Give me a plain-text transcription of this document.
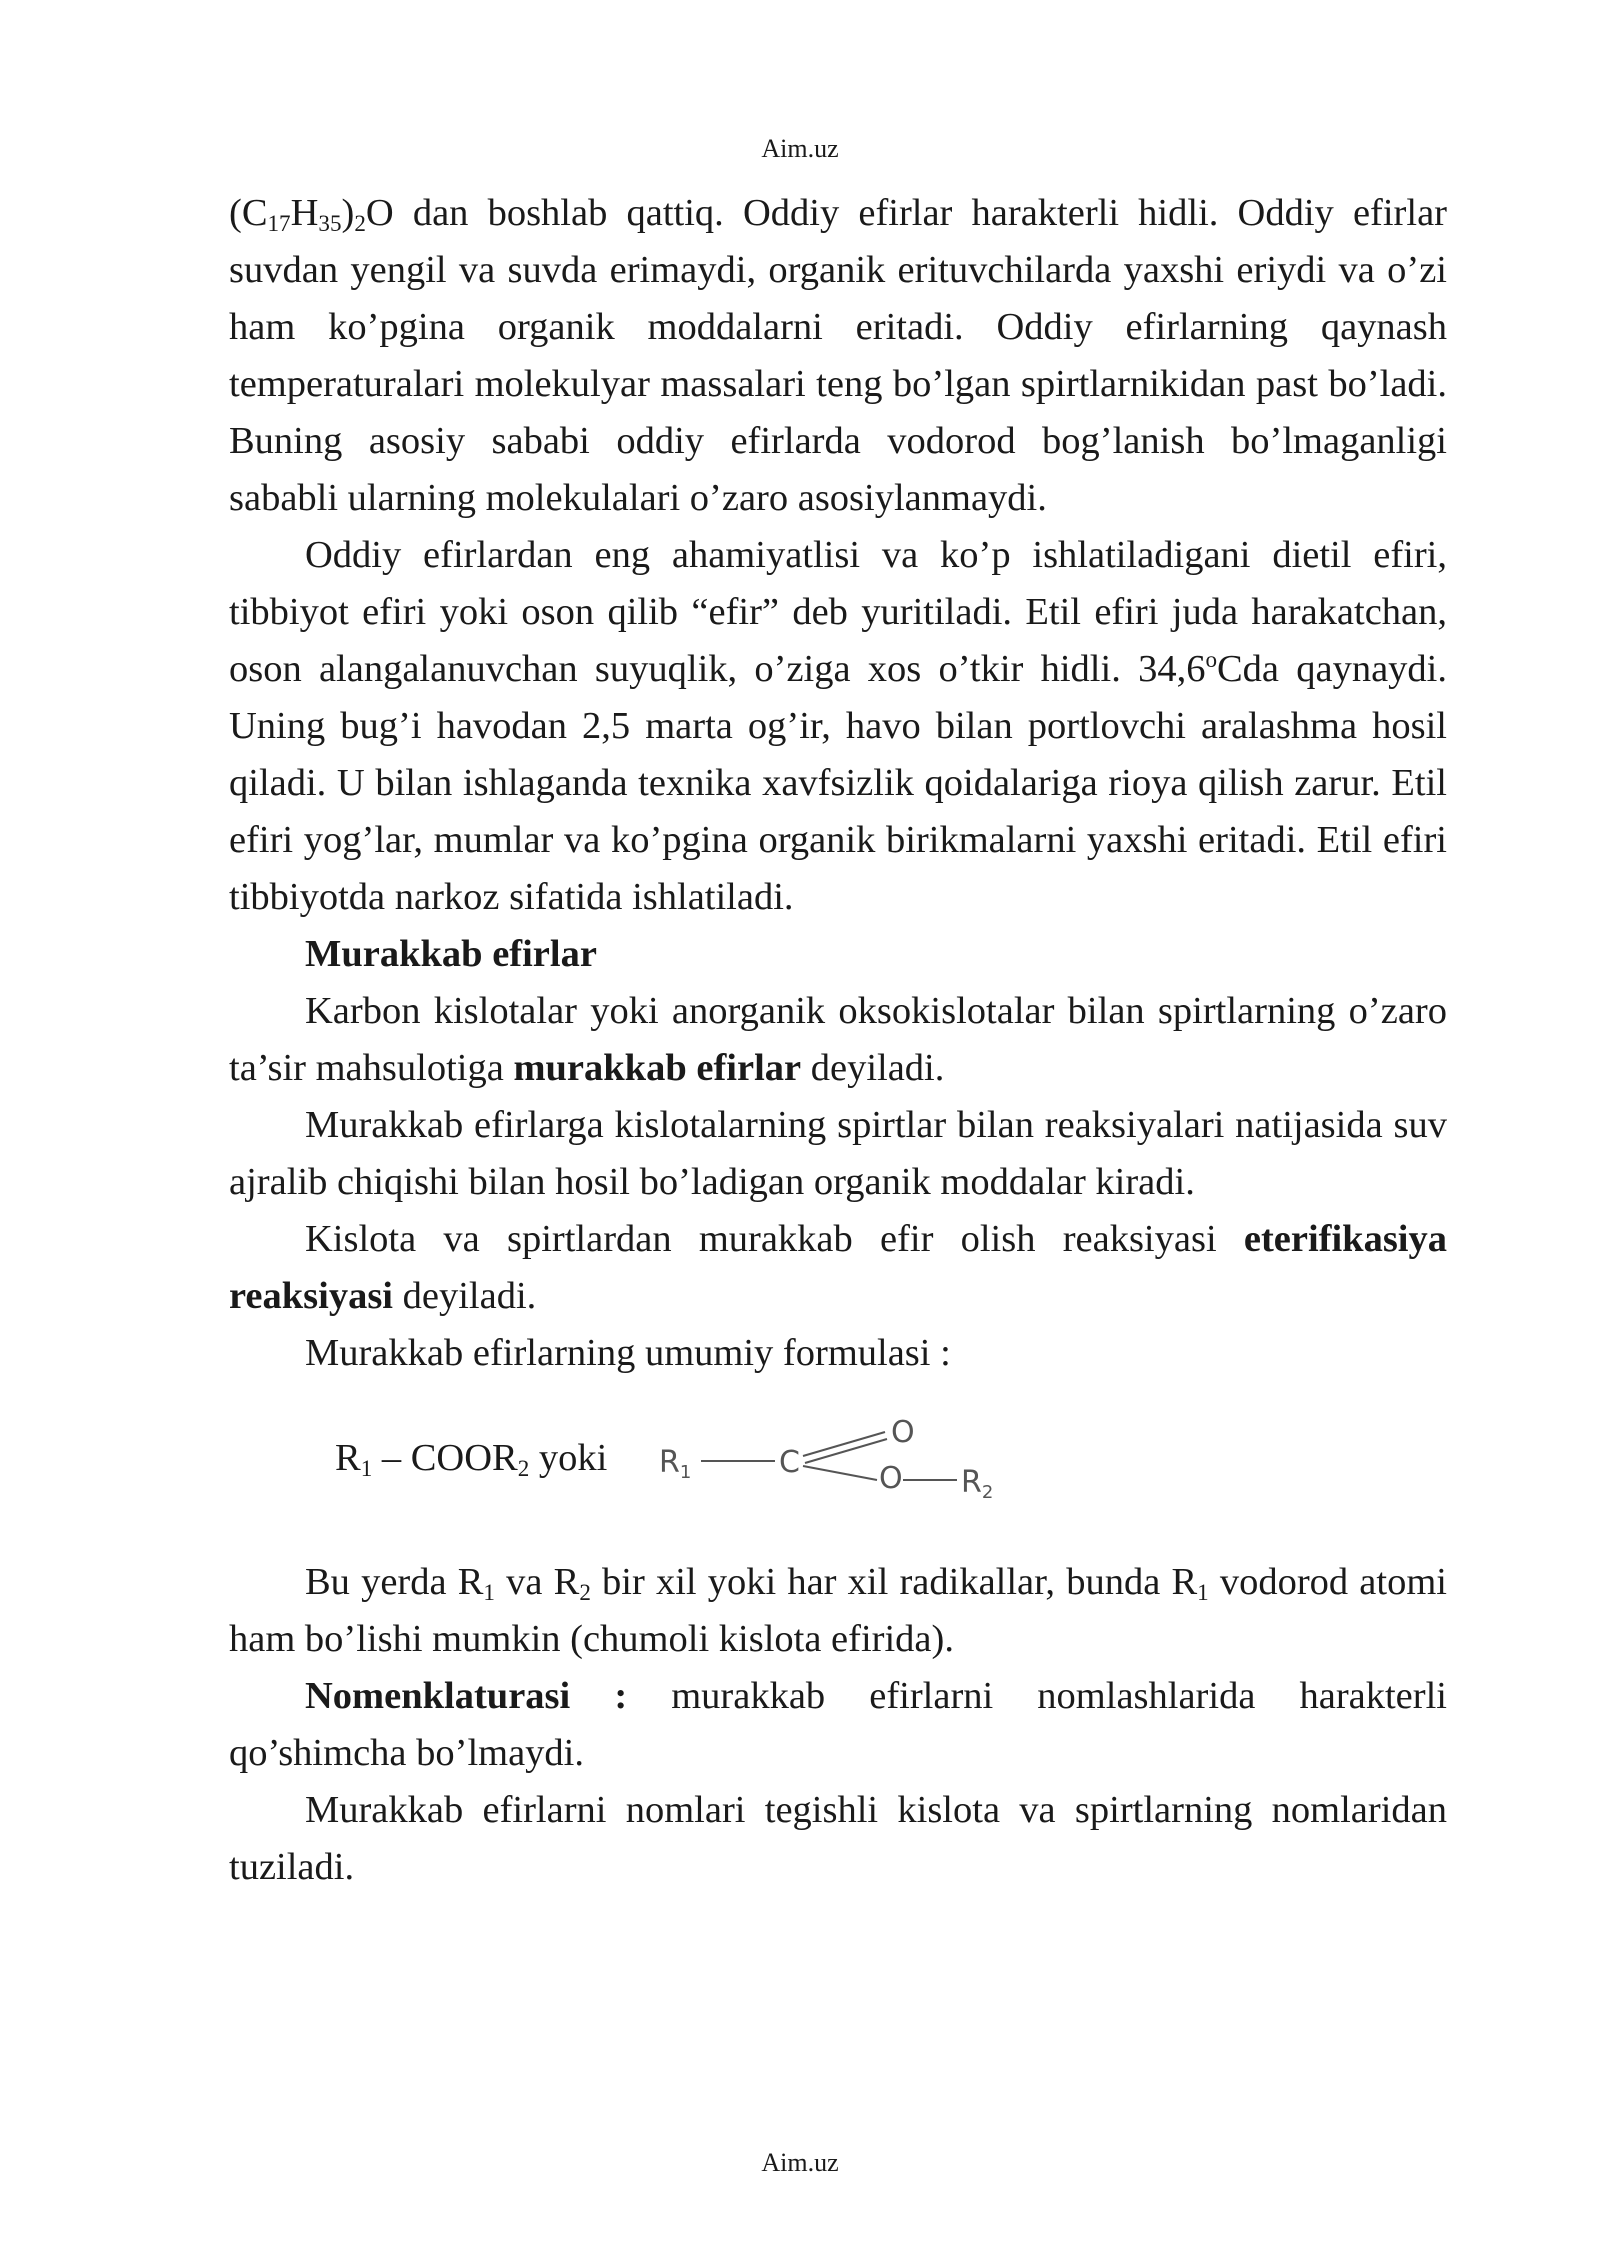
Aim.uz

$(C_{17}H_{35})_2O$ dan boshlab qattiq. Oddiy efirlar harakterli hidli. Oddiy efirlar suvdan yengil va suvda erimaydi, organik erituvchilarda yaxshi eriydi va o’zi ham ko’pgina organik moddalarni eritadi. Oddiy efirlarning qaynash temperaturalari molekulyar massalari teng bo’lgan spirtlarnikidan past bo’ladi. Buning asosiy sababi oddiy efirlarda vodorod bog’lanish bo’lmaganligi sababli ularning molekulalari o’zaro asosiylanmaydi.

Oddiy efirlardan eng ahamiyatlisi va ko’p ishlatiladigani dietil efiri, tibbiyot efiri yoki oson qilib “efir” deb yuritiladi. Etil efiri juda harakatchan, oson alangalanuvchan suyuqlik, o’ziga xos o’tkir hidli. 34,6$^o$Cda qaynaydi. Uning bug’i havodan 2,5 marta og’ir, havo bilan portlovchi aralashma hosil qiladi. U bilan ishlaganda texnika xavfsizlik qoidalariga rioya qilish zarur. Etil efiri yog’lar, mumlar va ko’pgina organik birikmalarni yaxshi eritadi. Etil efiri tibbiyotda narkoz sifatida ishlatiladi.

Murakkab efirlar

Karbon kislotalar yoki anorganik oksokislotalar bilan spirtlarning o’zaro ta’sir mahsulotiga murakkab efirlar deyiladi.

Murakkab efirlarga kislotalarning spirtlar bilan reaksiyalari natijasida suv ajralib chiqishi bilan hosil bo’ladigan organik moddalar kiradi.

Kislota va spirtlardan murakkab efir olish reaksiyasi eterifikasiya reaksiyasi deyiladi.

Murakkab efirlarning umumiy formulasi :

$R_1$ – $COOR_2$ yoki $R_1$	C
O
O $R_2$

Bu yerda $R_1$ va $R_2$ bir xil yoki har xil radikallar, bunda $R_1$ vodorod atomi ham bo’lishi mumkin (chumoli kislota efirida).

Nomenklaturasi : murakkab efirlarni nomlashlarida harakterli qo’shimcha bo’lmaydi.

Murakkab efirlarni nomlari tegishli kislota va spirtlarning nomlaridan tuziladi.

Aim.uz
